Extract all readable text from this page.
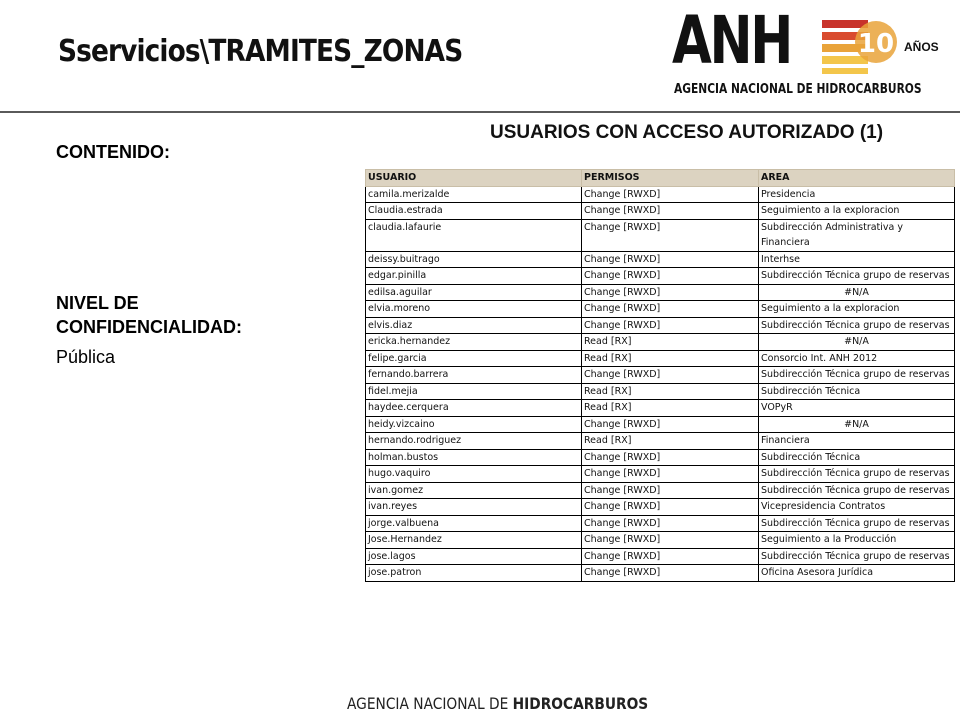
Sservicios\TRAMITES_ZONAS	ANH	10 AÑOS
AGENCIA NACIONAL DE HIDROCARBUROS
USUARIOS CON ACCESO AUTORIZADO (1)
CONTENIDO:
NIVEL DE CONFIDENCIALIDAD:
Pública
USUARIO	PERMISOS	AREA
camila.merizalde	Change [RWXD]	Presidencia
Claudia.estrada	Change [RWXD]	Seguimiento a la exploracion
claudia.lafaurie	Change [RWXD]	Subdirección Administrativa y Financiera
deissy.buitrago	Change [RWXD]	Interhse
edgar.pinilla	Change [RWXD]	Subdirección Técnica grupo de reservas
edilsa.aguilar	Change [RWXD]	#N/A
elvia.moreno	Change [RWXD]	Seguimiento a la exploracion
elvis.diaz	Change [RWXD]	Subdirección Técnica grupo de reservas
ericka.hernandez	Read [RX]	#N/A
felipe.garcia	Read [RX]	Consorcio Int. ANH 2012
fernando.barrera	Change [RWXD]	Subdirección Técnica grupo de reservas
fidel.mejia	Read [RX]	Subdirección Técnica
haydee.cerquera	Read [RX]	VOPyR
heidy.vizcaino	Change [RWXD]	#N/A
hernando.rodriguez	Read [RX]	Financiera
holman.bustos	Change [RWXD]	Subdirección Técnica
hugo.vaquiro	Change [RWXD]	Subdirección Técnica grupo de reservas
ivan.gomez	Change [RWXD]	Subdirección Técnica grupo de reservas
ivan.reyes	Change [RWXD]	Vicepresidencia Contratos
jorge.valbuena	Change [RWXD]	Subdirección Técnica grupo de reservas
Jose.Hernandez	Change [RWXD]	Seguimiento a la Producción
jose.lagos	Change [RWXD]	Subdirección Técnica grupo de reservas
jose.patron	Change [RWXD]	Oficina Asesora Jurídica
AGENCIA NACIONAL DE HIDROCARBUROS
